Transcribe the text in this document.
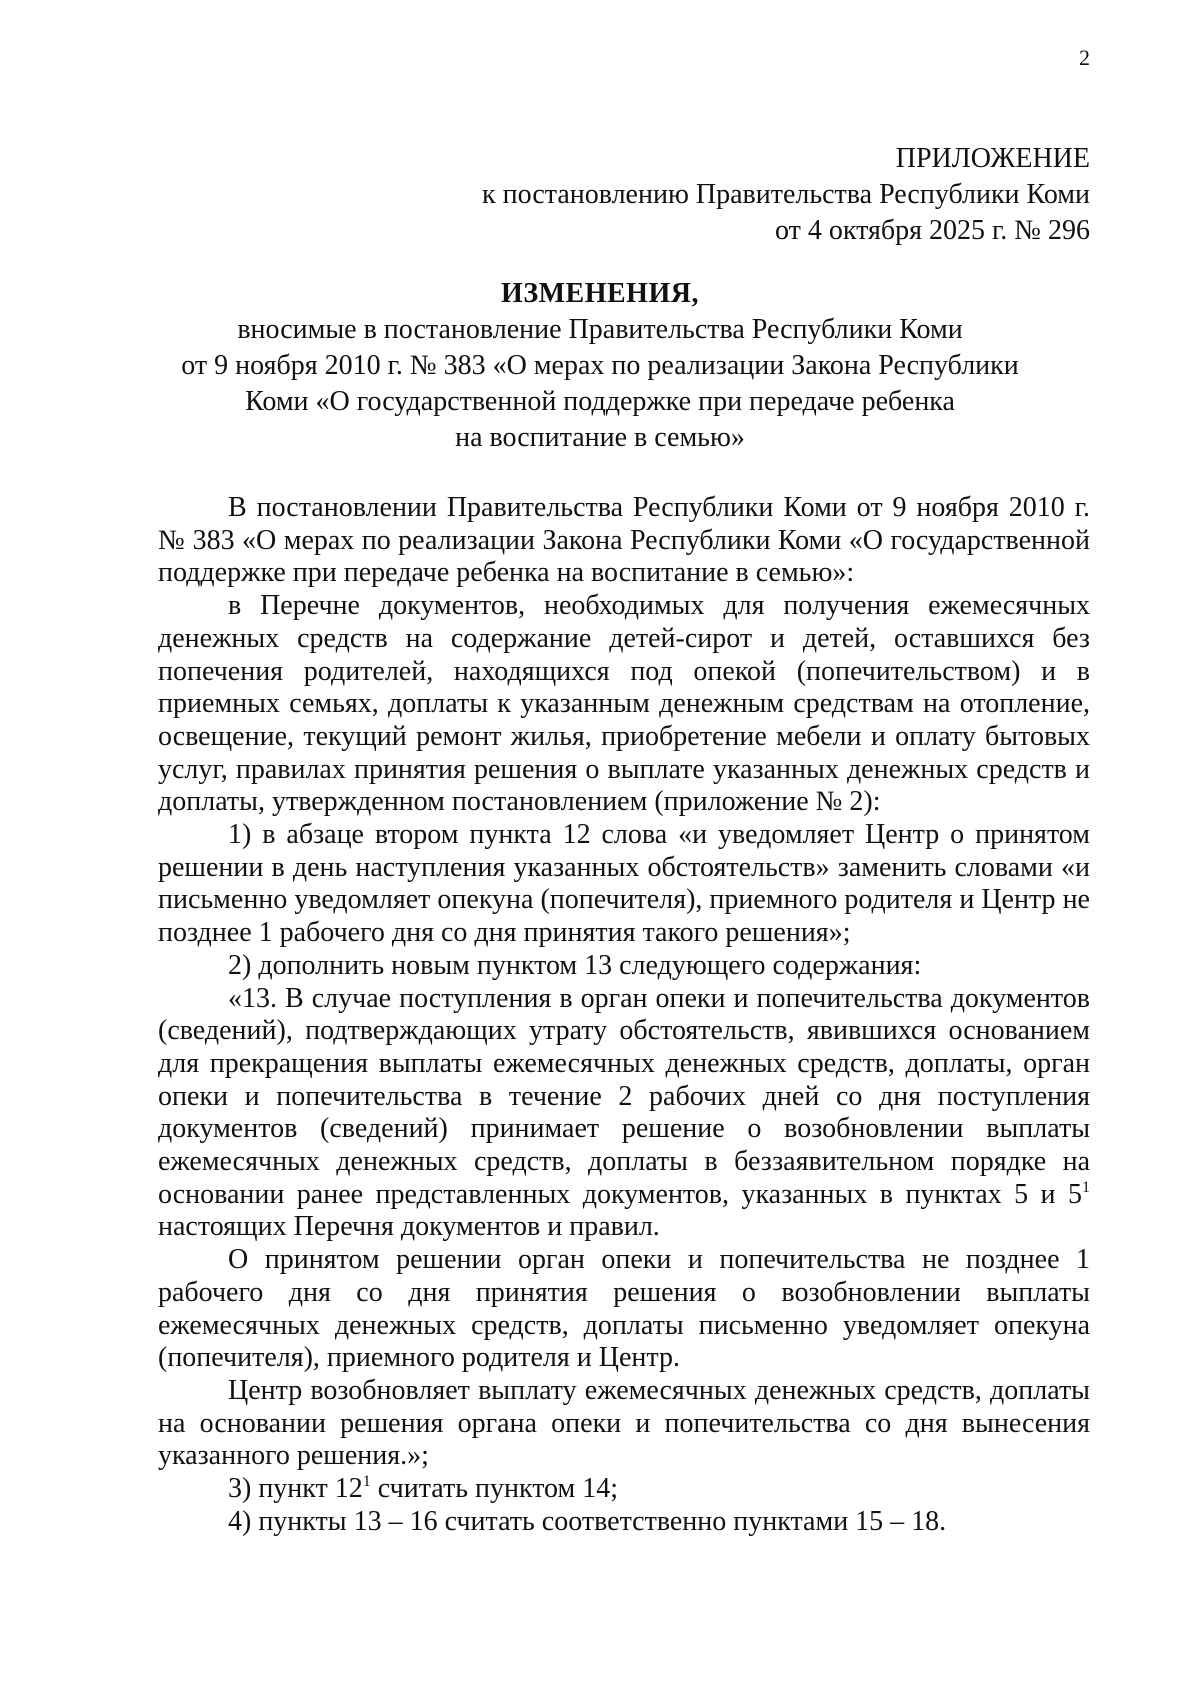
2
ПРИЛОЖЕНИЕ
к постановлению Правительства Республики Коми
от 4 октября 2025 г. № 296
ИЗМЕНЕНИЯ,
вносимые в постановление Правительства Республики Коми
от 9 ноября 2010 г. № 383 «О мерах по реализации Закона Республики
Коми «О государственной поддержке при передаче ребенка
на воспитание в семью»

В постановлении Правительства Республики Коми от 9 ноября 2010 г. № 383 «О мерах по реализации Закона Республики Коми «О государственной поддержке при передаче ребенка на воспитание в семью»:

в Перечне документов, необходимых для получения ежемесячных денежных средств на содержание детей-сирот и детей, оставшихся без попечения родителей, находящихся под опекой (попечительством) и в приемных семьях, доплаты к указанным денежным средствам на отопление, освещение, текущий ремонт жилья, приобретение мебели и оплату бытовых услуг, правилах принятия решения о выплате указанных денежных средств и доплаты, утвержденном постановлением (приложение № 2):

1) в абзаце втором пункта 12 слова «и уведомляет Центр о принятом решении в день наступления указанных обстоятельств» заменить словами «и письменно уведомляет опекуна (попечителя), приемного родителя и Центр не позднее 1 рабочего дня со дня принятия такого решения»;

2) дополнить новым пунктом 13 следующего содержания:

«13. В случае поступления в орган опеки и попечительства документов (сведений), подтверждающих утрату обстоятельств, явившихся основанием для прекращения выплаты ежемесячных денежных средств, доплаты, орган опеки и попечительства в течение 2 рабочих дней со дня поступления документов (сведений) принимает решение о возобновлении выплаты ежемесячных денежных средств, доплаты в беззаявительном порядке на основании ранее представленных документов, указанных в пунктах 5 и $5^1$ настоящих Перечня документов и правил.

О принятом решении орган опеки и попечительства не позднее 1 рабочего дня со дня принятия решения о возобновлении выплаты ежемесячных денежных средств, доплаты письменно уведомляет опекуна (попечителя), приемного родителя и Центр.

Центр возобновляет выплату ежемесячных денежных средств, доплаты на основании решения органа опеки и попечительства со дня вынесения указанного решения.»;

3) пункт $12^1$ считать пунктом 14;

4) пункты 13 – 16 считать соответственно пунктами 15 – 18.
